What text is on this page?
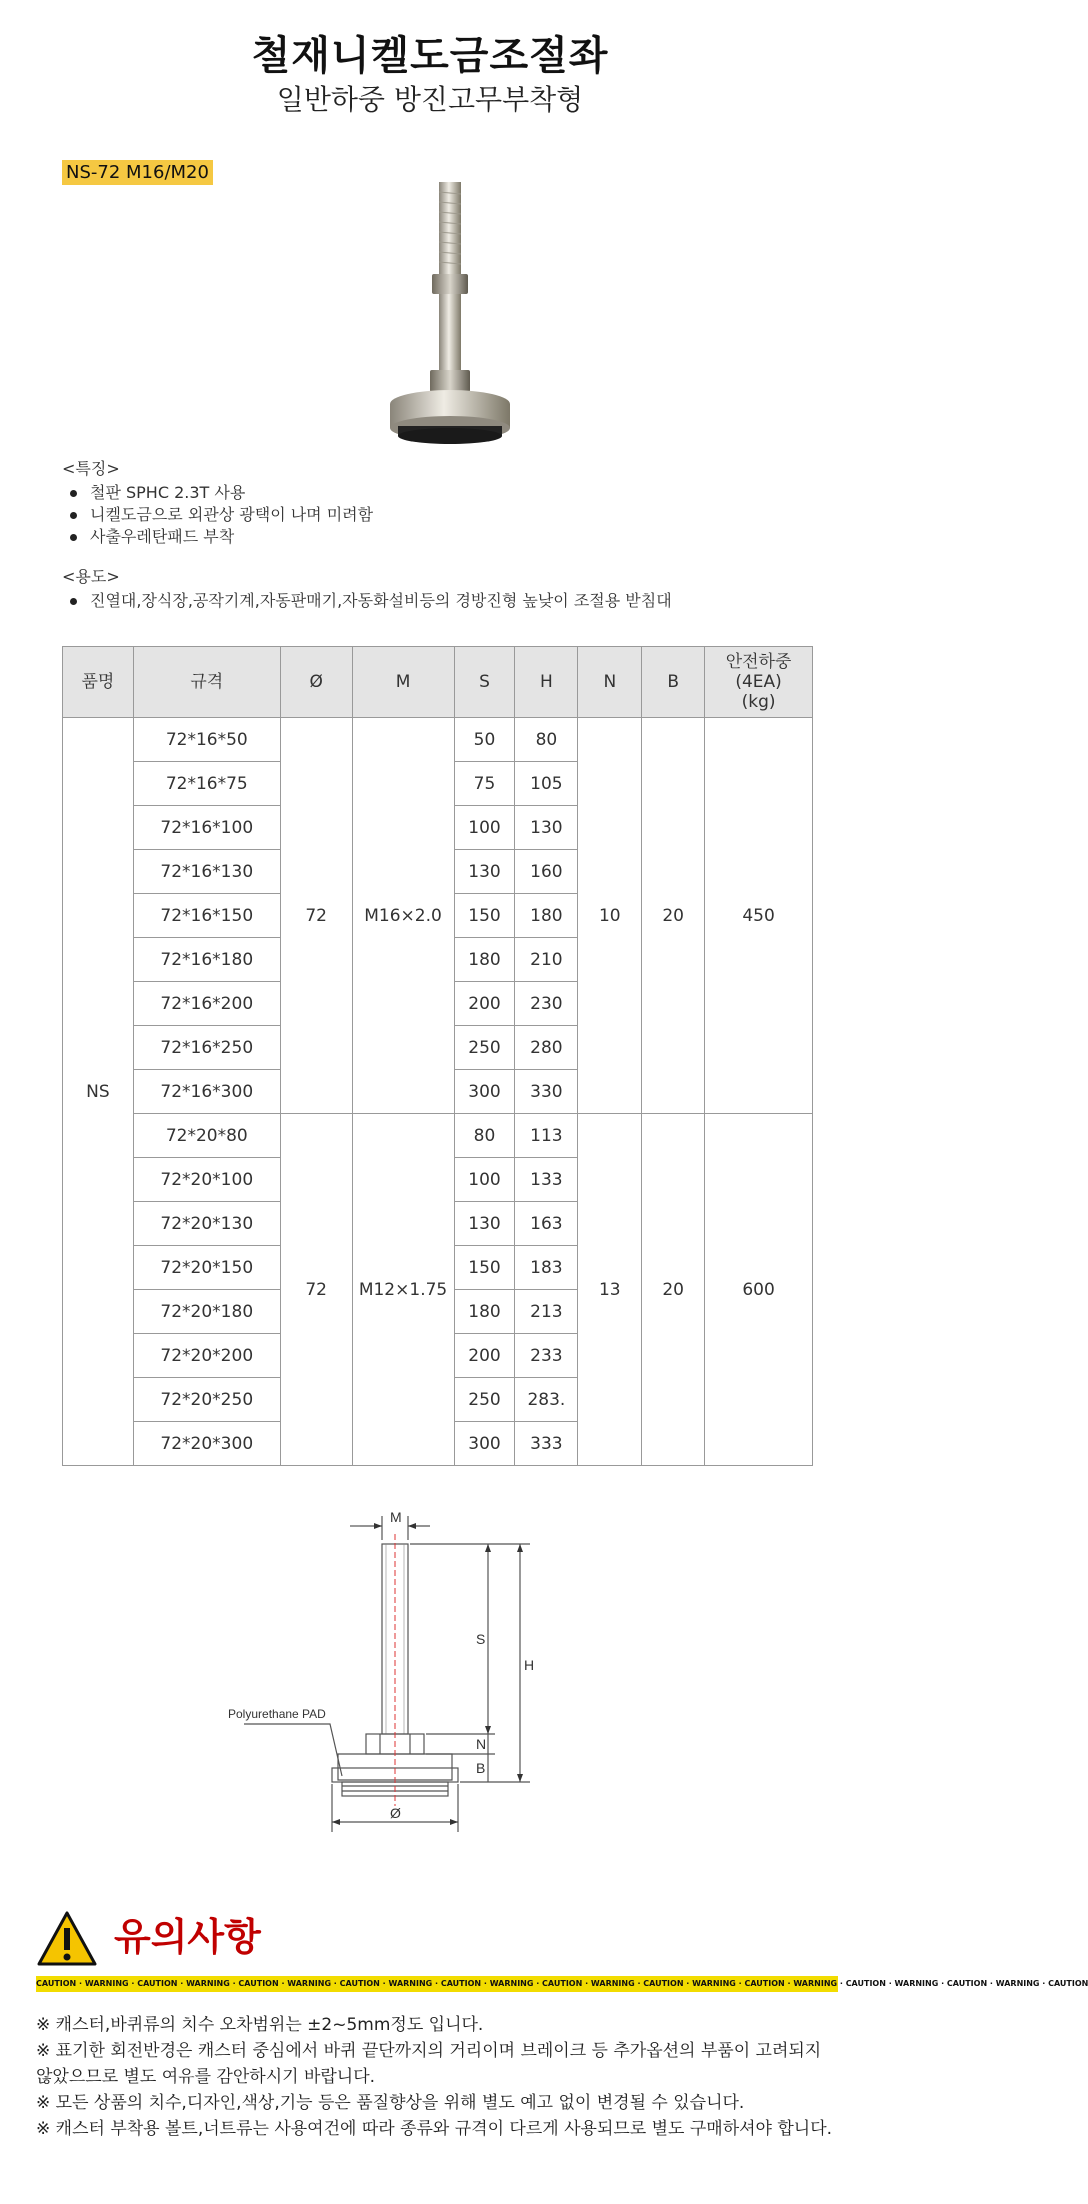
철재니켈도금조절좌
일반하중 방진고무부착형
NS-72 M16/M20
<특징>
철판 SPHC 2.3T 사용
니켈도금으로 외관상 광택이 나며 미려함
사출우레탄패드 부착
<용도>
진열대,장식장,공작기계,자동판매기,자동화설비등의 경방진형 높낮이 조절용 받침대
품명	규격	Ø	M	S	H	N	B	안전하중
(4EA)
(kg)
NS	72*16*50	72	M16×2.0	50	80	10	20	450
	72*16*75			75	105			
	72*16*100			100	130			
	72*16*130			130	160			
	72*16*150			150	180			
	72*16*180			180	210			
	72*16*200			200	230			
	72*16*250			250	280			
	72*16*300			300	330			
	72*20*80	72	M12×1.75	80	113	13	20	600
	72*20*100			100	133			
	72*20*130			130	163			
	72*20*150			150	183			
	72*20*180			180	213			
	72*20*200			200	233			
	72*20*250			250	283.			
	72*20*300			300	333			
M
S
H
N
B
Ø
Polyurethane PAD
유의사항
CAUTION · WARNING · CAUTION · WARNING · CAUTION · WARNING · CAUTION · WARNING · CAUTION · WARNING · CAUTION · WARNING · CAUTION · WARNING · CAUTION · WARNING · CAUTION · WARNING · CAUTION · WARNING · CAUTION

※ 캐스터,바퀴류의 치수 오차범위는 ±2~5mm정도 입니다.

※ 표기한 회전반경은 캐스터 중심에서 바퀴 끝단까지의 거리이며 브레이크 등 추가옵션의 부품이 고려되지 않았으므로 별도 여유를 감안하시기 바랍니다.

※ 모든 상품의 치수,디자인,색상,기능 등은 품질향상을 위해 별도 예고 없이 변경될 수 있습니다.

※ 캐스터 부착용 볼트,너트류는 사용여건에 따라 종류와 규격이 다르게 사용되므로 별도 구매하셔야 합니다.
